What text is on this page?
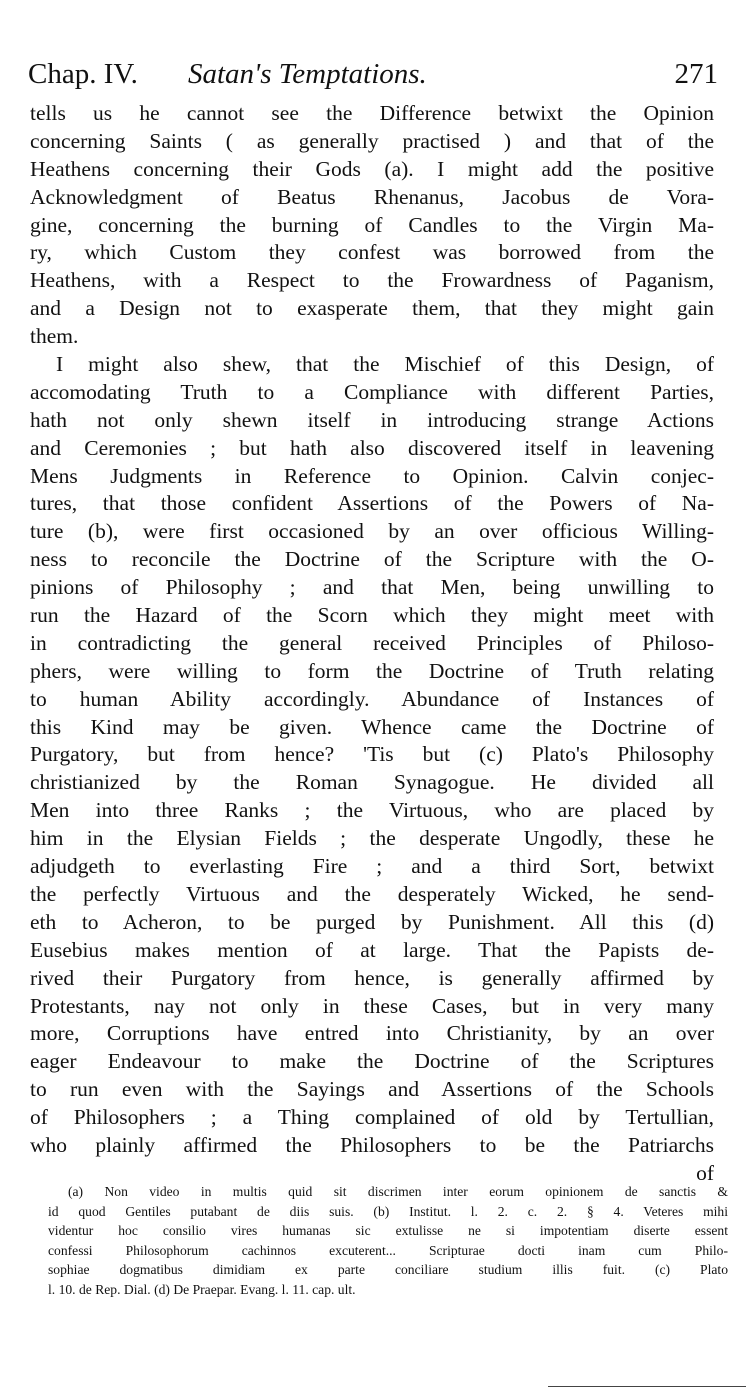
Chap. IV. Satan's Temptations.	271
tells us he cannot see the Difference betwixt the Opinion
concerning Saints ( as generally practised ) and that of the
Heathens concerning their Gods (a). I might add the positive
Acknowledgment of Beatus Rhenanus, Jacobus de Vora-
gine, concerning the burning of Candles to the Virgin Ma-
ry, which Custom they confest was borrowed from the
Heathens, with a Respect to the Frowardness of Paganism,
and a Design not to exasperate them, that they might gain
them.
I might also shew, that the Mischief of this Design, of
accomodating Truth to a Compliance with different Parties,
hath not only shewn itself in introducing strange Actions
and Ceremonies ; but hath also discovered itself in leavening
Mens Judgments in Reference to Opinion. Calvin conjec-
tures, that those confident Assertions of the Powers of Na-
ture (b), were first occasioned by an over officious Willing-
ness to reconcile the Doctrine of the Scripture with the O-
pinions of Philosophy ; and that Men, being unwilling to
run the Hazard of the Scorn which they might meet with
in contradicting the general received Principles of Philoso-
phers, were willing to form the Doctrine of Truth relating
to human Ability accordingly. Abundance of Instances of
this Kind may be given. Whence came the Doctrine of
Purgatory, but from hence? 'Tis but (c) Plato's Philosophy
christianized by the Roman Synagogue. He divided all
Men into three Ranks ; the Virtuous, who are placed by
him in the Elysian Fields ; the desperate Ungodly, these he
adjudgeth to everlasting Fire ; and a third Sort, betwixt
the perfectly Virtuous and the desperately Wicked, he send-
eth to Acheron, to be purged by Punishment. All this (d)
Eusebius makes mention of at large. That the Papists de-
rived their Purgatory from hence, is generally affirmed by
Protestants, nay not only in these Cases, but in very many
more, Corruptions have entred into Christianity, by an over
eager Endeavour to make the Doctrine of the Scriptures
to run even with the Sayings and Assertions of the Schools
of Philosophers ; a Thing complained of old by Tertullian,
who plainly affirmed the Philosophers to be the Patriarchs
of
(a) Non video in multis quid sit discrimen inter eorum opinionem de sanctis &
id quod Gentiles putabant de diis suis. (b) Institut. l. 2. c. 2. § 4. Veteres mihi
videntur hoc consilio vires humanas sic extulisse ne si impotentiam diserte essent
confessi Philosophorum cachinnos excuterent... Scripturae docti inam cum Philo-
sophiae dogmatibus dimidiam ex parte conciliare studium illis fuit. (c) Plato
l. 10. de Rep. Dial. (d) De Praepar. Evang. l. 11. cap. ult.
